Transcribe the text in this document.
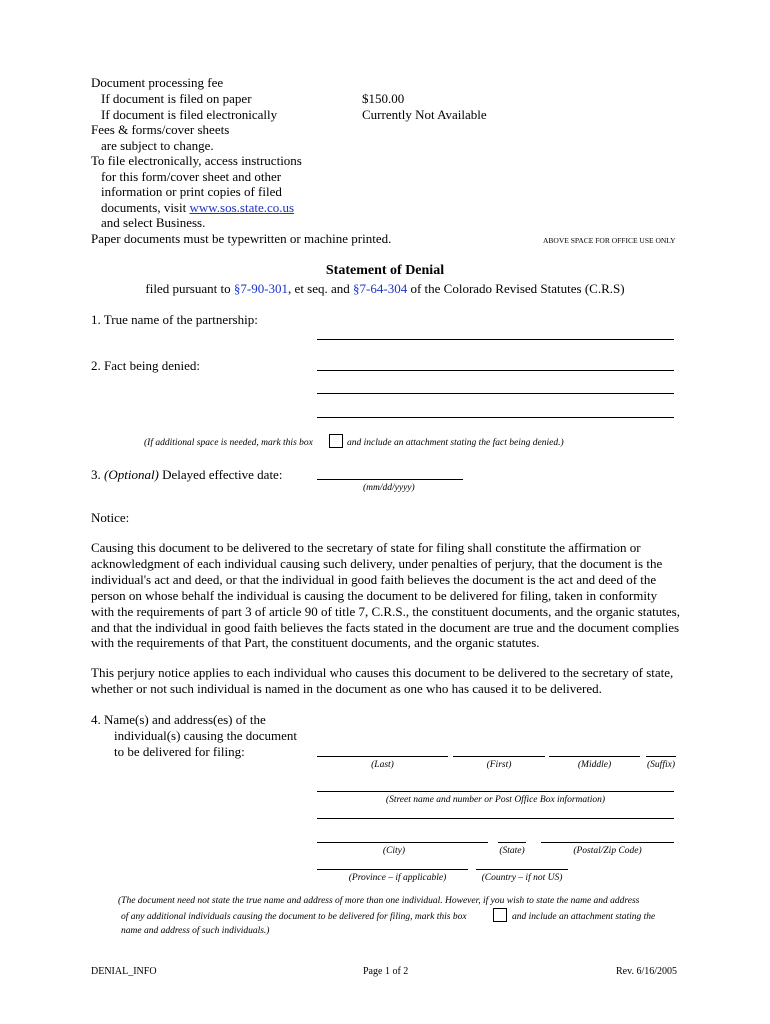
Document processing fee
If document is filed on paper	$150.00
If document is filed electronically	Currently Not Available
Fees & forms/cover sheets
are subject to change.
To file electronically, access instructions
for this form/cover sheet and other
information or print copies of filed
documents, visit www.sos.state.co.us
and select Business.
Paper documents must be typewritten or machine printed.	ABOVE SPACE FOR OFFICE USE ONLY
Statement of Denial
filed pursuant to §7-90-301, et seq. and §7-64-304 of the Colorado Revised Statutes (C.R.S)
1. True name of the partnership:
2. Fact being denied:
(If additional space is needed, mark this box	and include an attachment stating the fact being denied.)
3. (Optional) Delayed effective date:
(mm/dd/yyyy)
Notice:
Causing this document to be delivered to the secretary of state for filing shall constitute the affirmation or acknowledgment of each individual causing such delivery, under penalties of perjury, that the document is the individual's act and deed, or that the individual in good faith believes the document is the act and deed of the person on whose behalf the individual is causing the document to be delivered for filing, taken in conformity with the requirements of part 3 of article 90 of title 7, C.R.S., the constituent documents, and the organic statutes, and that the individual in good faith believes the facts stated in the document are true and the document complies with the requirements of that Part, the constituent documents, and the organic statutes.
This perjury notice applies to each individual who causes this document to be delivered to the secretary of state, whether or not such individual is named in the document as one who has caused it to be delivered.
4. Name(s) and address(es) of the
individual(s) causing the document
to be delivered for filing:
(Last)	(First)	(Middle)	(Suffix)
(Street name and number or Post Office Box information)
(City)	(State)	(Postal/Zip Code)
(Province – if applicable)	(Country – if not US)
(The document need not state the true name and address of more than one individual. However, if you wish to state the name and address
of any additional individuals causing the document to be delivered for filing, mark this box	and include an attachment stating the
name and address of such individuals.)
DENIAL_INFO	Page 1 of 2	Rev. 6/16/2005
